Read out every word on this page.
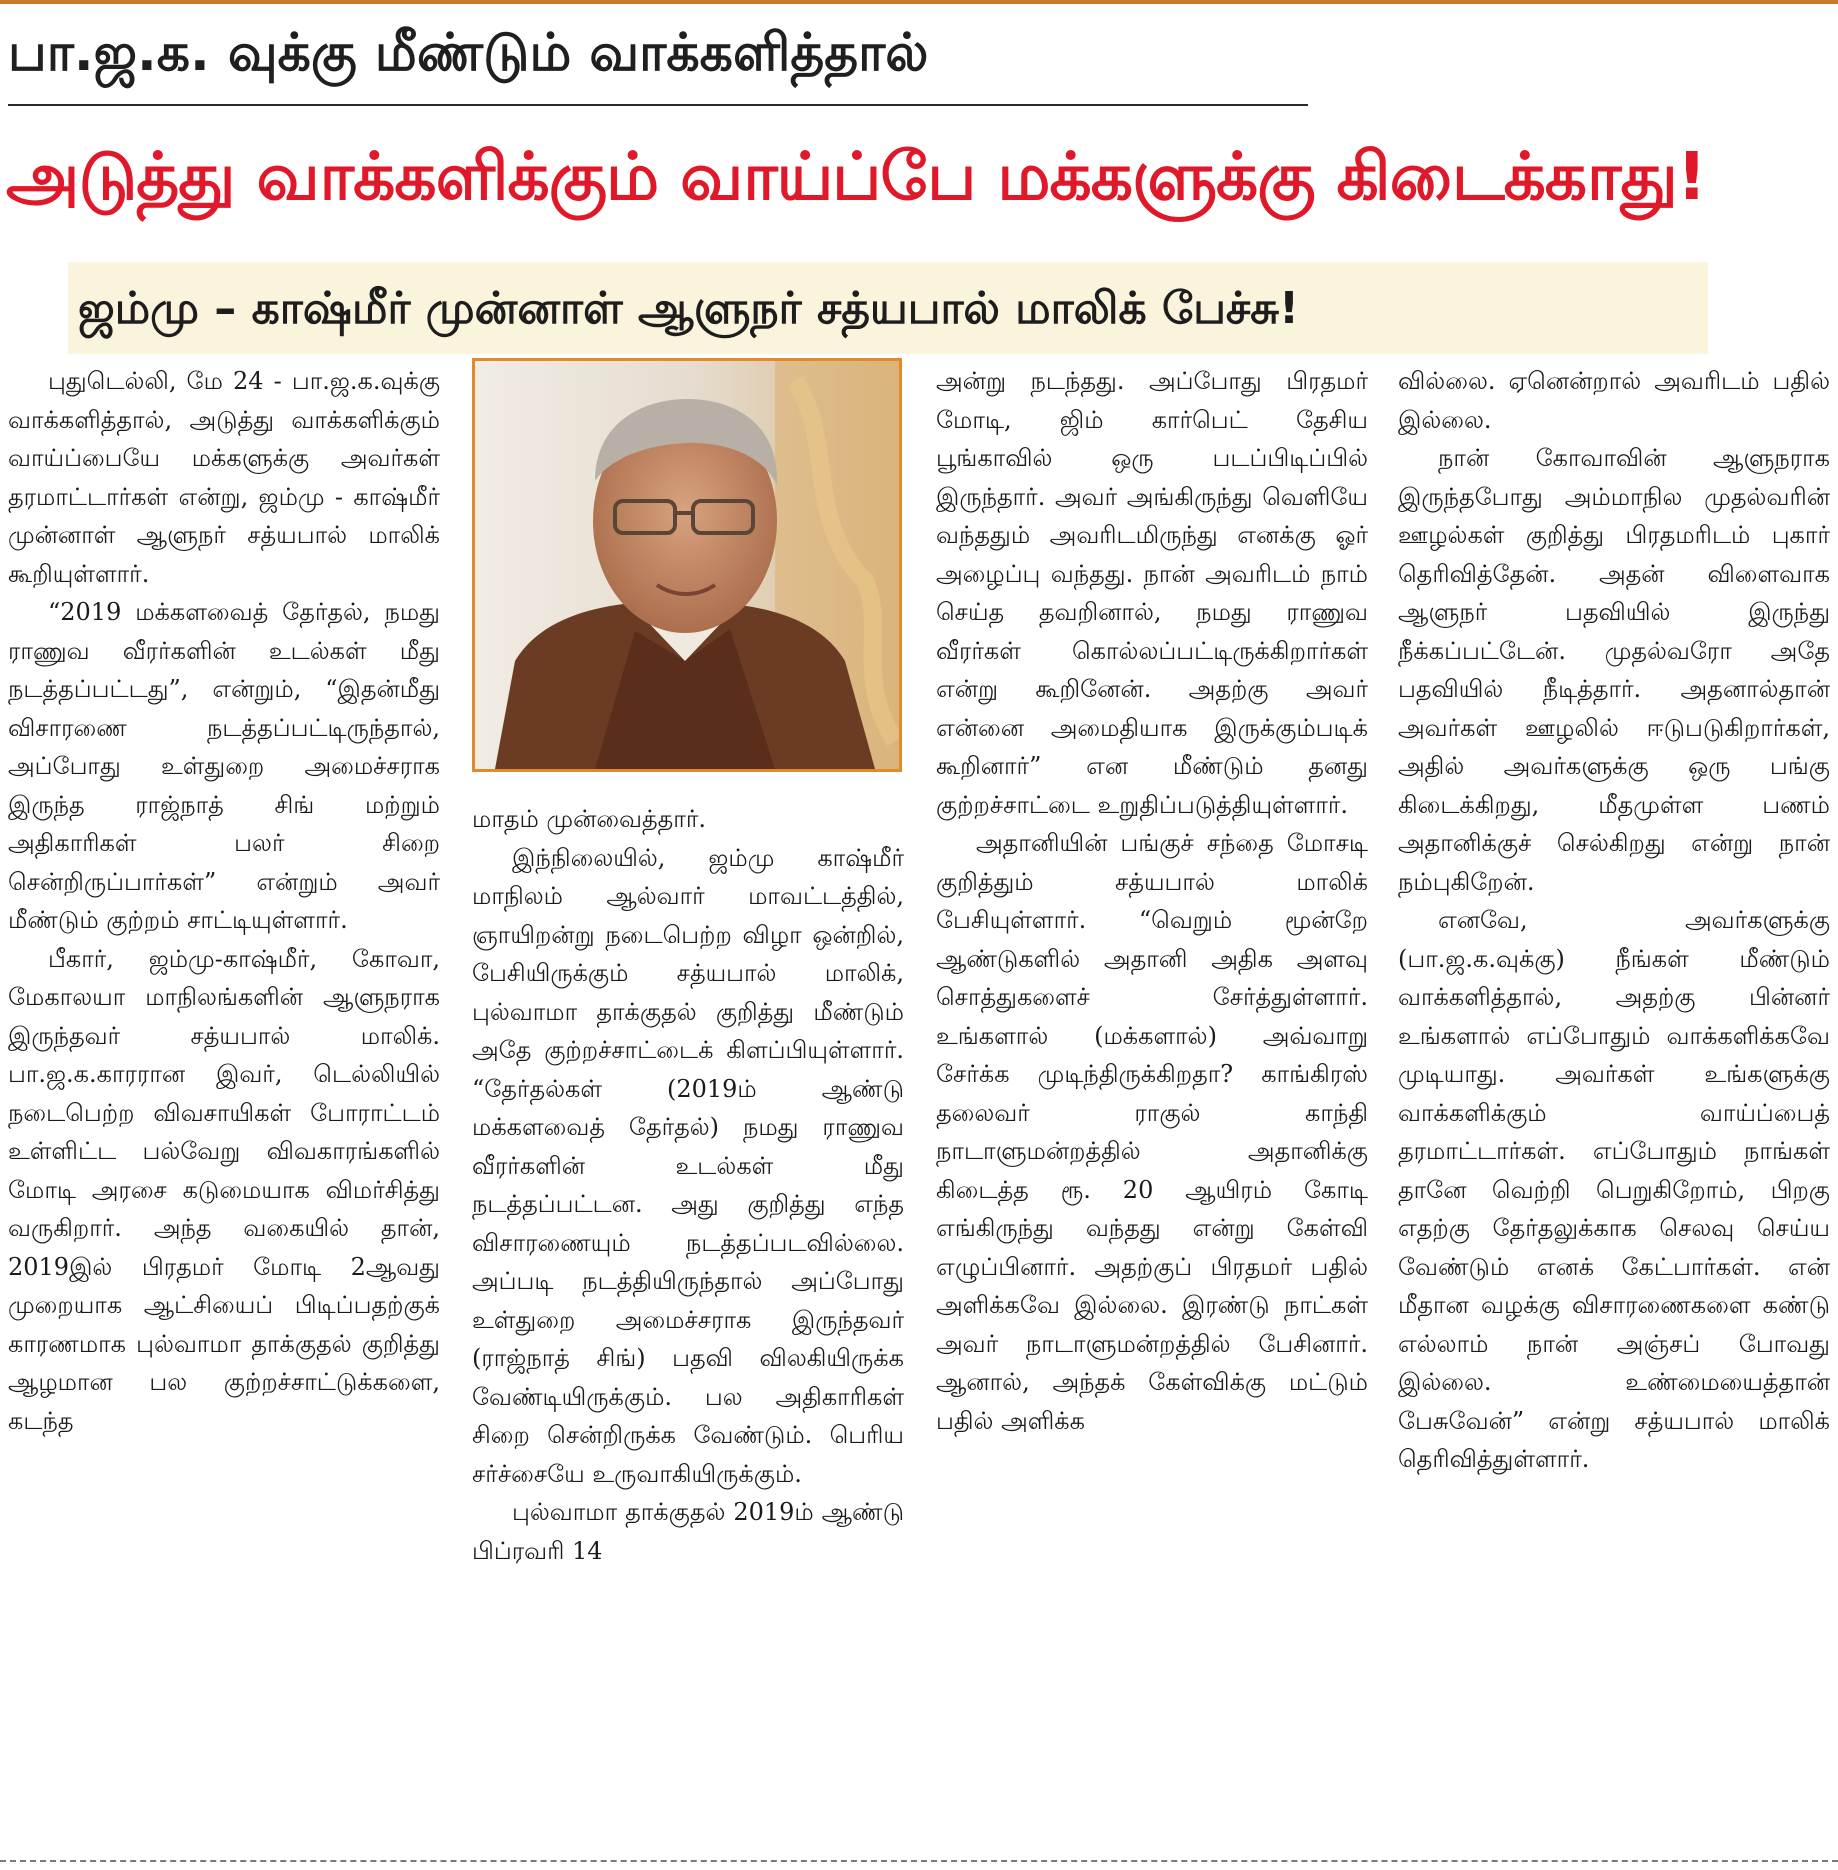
பா.ஜ.க. வுக்கு மீண்டும் வாக்களித்தால்
அடுத்து வாக்களிக்கும் வாய்ப்பே மக்களுக்கு கிடைக்காது!
ஜம்மு – காஷ்மீர் முன்னாள் ஆளுநர் சத்யபால் மாலிக் பேச்சு!

புதுடெல்லி, மே 24 - பா.ஜ.க.வுக்கு வாக்களித்தால், அடுத்து வாக்களிக்கும் வாய்ப்பையே மக்களுக்கு அவர்கள் தரமாட்டார்கள் என்று, ஜம்மு - காஷ்மீர் முன்னாள் ஆளுநர் சத்யபால் மாலிக் கூறியுள்ளார்.

“2019 மக்களவைத் தேர்தல், நமது ராணுவ வீரர்களின் உடல்கள் மீது நடத்தப்பட்டது”, என்றும், “இதன்மீது விசாரணை நடத்தப்பட்டிருந்தால், அப்போது உள்துறை அமைச்சராக இருந்த ராஜ்நாத் சிங் மற்றும் அதிகாரிகள் பலர் சிறை சென்றிருப்பார்கள்” என்றும் அவர் மீண்டும் குற்றம் சாட்டியுள்ளார்.

பீகார், ஜம்மு-காஷ்மீர், கோவா, மேகாலயா மாநிலங்களின் ஆளுநராக இருந்தவர் சத்யபால் மாலிக். பா.ஜ.க.காரரான இவர், டெல்லியில் நடைபெற்ற விவசாயிகள் போராட்டம் உள்ளிட்ட பல்வேறு விவகாரங்களில் மோடி அரசை கடுமையாக விமர்சித்து வருகிறார். அந்த வகையில் தான், 2019இல் பிரதமர் மோடி 2ஆவது முறையாக ஆட்சியைப் பிடிப்பதற்குக் காரணமாக புல்வாமா தாக்குதல் குறித்து ஆழமான பல குற்றச்சாட்டுக்களை, கடந்த

மாதம் முன்வைத்தார்.

இந்நிலையில், ஜம்மு காஷ்மீர் மாநிலம் ஆல்வார் மாவட்டத்தில், ஞாயிறன்று நடைபெற்ற விழா ஒன்றில், பேசியிருக்கும் சத்யபால் மாலிக், புல்வாமா தாக்குதல் குறித்து மீண்டும் அதே குற்றச்சாட்டைக் கிளப்பியுள்ளார். “தேர்தல்கள் (2019ம் ஆண்டு மக்களவைத் தேர்தல்) நமது ராணுவ வீரர்களின் உடல்கள் மீது நடத்தப்பட்டன. அது குறித்து எந்த விசாரணையும் நடத்தப்படவில்லை. அப்படி நடத்தியிருந்தால் அப்போது உள்துறை அமைச்சராக இருந்தவர் (ராஜ்நாத் சிங்) பதவி விலகியிருக்க வேண்டியிருக்கும். பல அதிகாரிகள் சிறை சென்றிருக்க வேண்டும். பெரிய சர்ச்சையே உருவாகியிருக்கும்.

புல்வாமா தாக்குதல் 2019ம் ஆண்டு பிப்ரவரி 14

அன்று நடந்தது. அப்போது பிரதமர் மோடி, ஜிம் கார்பெட் தேசிய பூங்காவில் ஒரு படப்பிடிப்பில் இருந்தார். அவர் அங்கிருந்து வெளியே வந்ததும் அவரிடமிருந்து எனக்கு ஓர் அழைப்பு வந்தது. நான் அவரிடம் நாம் செய்த தவறினால், நமது ராணுவ வீரர்கள் கொல்லப்பட்டிருக்கிறார்கள் என்று கூறினேன். அதற்கு அவர் என்னை அமைதியாக இருக்கும்படிக் கூறினார்” என மீண்டும் தனது குற்றச்சாட்டை உறுதிப்படுத்தியுள்ளார்.

அதானியின் பங்குச் சந்தை மோசடி குறித்தும் சத்யபால் மாலிக் பேசியுள்ளார். “வெறும் மூன்றே ஆண்டுகளில் அதானி அதிக அளவு சொத்துகளைச் சேர்த்துள்ளார். உங்களால் (மக்களால்) அவ்வாறு சேர்க்க முடிந்திருக்கிறதா? காங்கிரஸ் தலைவர் ராகுல் காந்தி நாடாளுமன்றத்தில் அதானிக்கு கிடைத்த ரூ. 20 ஆயிரம் கோடி எங்கிருந்து வந்தது என்று கேள்வி எழுப்பினார். அதற்குப் பிரதமர் பதில் அளிக்கவே இல்லை. இரண்டு நாட்கள் அவர் நாடாளுமன்றத்தில் பேசினார். ஆனால், அந்தக் கேள்விக்கு மட்டும் பதில் அளிக்க

வில்லை. ஏனென்றால் அவரிடம் பதில் இல்லை.

நான் கோவாவின் ஆளுநராக இருந்தபோது அம்மாநில முதல்வரின் ஊழல்கள் குறித்து பிரதமரிடம் புகார் தெரிவித்தேன். அதன் விளைவாக ஆளுநர் பதவியில் இருந்து நீக்கப்பட்டேன். முதல்வரோ அதே பதவியில் நீடித்தார். அதனால்தான் அவர்கள் ஊழலில் ஈடுபடுகிறார்கள், அதில் அவர்களுக்கு ஒரு பங்கு கிடைக்கிறது, மீதமுள்ள பணம் அதானிக்குச் செல்கிறது என்று நான் நம்புகிறேன்.

எனவே, அவர்களுக்கு (பா.ஜ.க.வுக்கு) நீங்கள் மீண்டும் வாக்களித்தால், அதற்கு பின்னர் உங்களால் எப்போதும் வாக்களிக்கவே முடியாது. அவர்கள் உங்களுக்கு வாக்களிக்கும் வாய்ப்பைத் தரமாட்டார்கள். எப்போதும் நாங்கள் தானே வெற்றி பெறுகிறோம், பிறகு எதற்கு தேர்தலுக்காக செலவு செய்ய வேண்டும் எனக் கேட்பார்கள். என் மீதான வழக்கு விசாரணைகளை கண்டு எல்லாம் நான் அஞ்சப் போவது இல்லை. உண்மையைத்தான் பேசுவேன்” என்று சத்யபால் மாலிக் தெரிவித்துள்ளார்.
